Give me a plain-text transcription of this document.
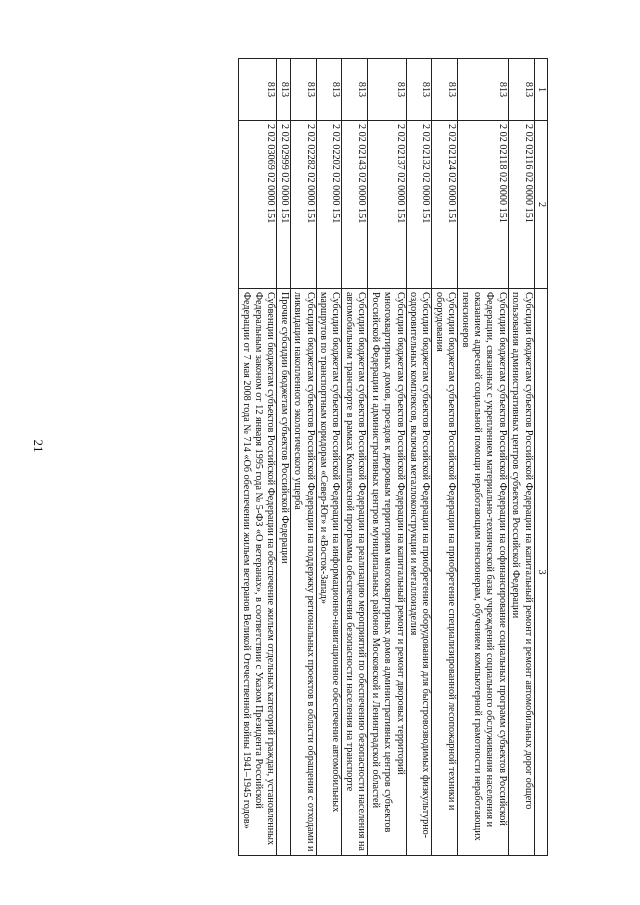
21
1	2	3
813	2 02 02116 02 0000 151	Субсидии бюджетам субъектов Российской Федерации на капитальный ремонт и ремонт автомобильных дорог общего пользования административных центров субъектов Российской Федерации
813	2 02 02118 02 0000 151	Субсидии бюджетам субъектов Российской Федерации на софинансирование социальных программ субъектов Российской Федерации, связанных с укреплением материально-технической базы учреждений социального обслуживания населения и оказанием адресной социальной помощи неработающим пенсионерам, обучением компьютерной грамотности неработающих пенсионеров
813	2 02 02124 02 0000 151	Субсидии бюджетам субъектов Российской Федерации на приобретение специализированной лесопожарной техники и оборудования
813	2 02 02132 02 0000 151	Субсидии бюджетам субъектов Российской Федерации на приобретение оборудования для быстровозводимых физкультурно-оздоровительных комплексов, включая металлоконструкции и металлоизделия
813	2 02 02137 02 0000 151	Субсидии бюджетам субъектов Российской Федерации на капитальный ремонт и ремонт дворовых территорий многоквартирных домов, проездов к дворовым территориям многоквартирных домов административных центров субъектов Российской Федерации и административных центров муниципальных районов Московской и Ленинградской областей
813	2 02 02143 02 0000 151	Субсидии бюджетам субъектов Российской Федерации на реализацию мероприятий по обеспечению безопасности населения на автомобильном транспорте в рамках Комплексной программы обеспечения безопасности населения на транспорте
813	2 02 02202 02 0000 151	Субсидии бюджетам субъектов Российской Федерации на информационно-навигационное обеспечение автомобильных маршрутов по транспортным коридорам «Север-Юг» и «Восток-Запад»
813	2 02 02282 02 0000 151	Субсидии бюджетам субъектов Российской Федерации на поддержку региональных проектов в области обращения с отходами и ликвидации накопленного экологического ущерба
813	2 02 02999 02 0000 151	Прочие субсидии бюджетам субъектов Российской Федерации
813	2 02 03069 02 0000 151	Субвенции бюджетам субъектов Российской Федерации на обеспечение жильем отдельных категорий граждан, установленных Федеральным законом от 12 января 1995 года № 5-ФЗ «О ветеранах», в соответствии с Указом Президента Российской Федерации от 7 мая 2008 года № 714 «Об обеспечении жильем ветеранов Великой Отечественной войны 1941–1945 годов»
